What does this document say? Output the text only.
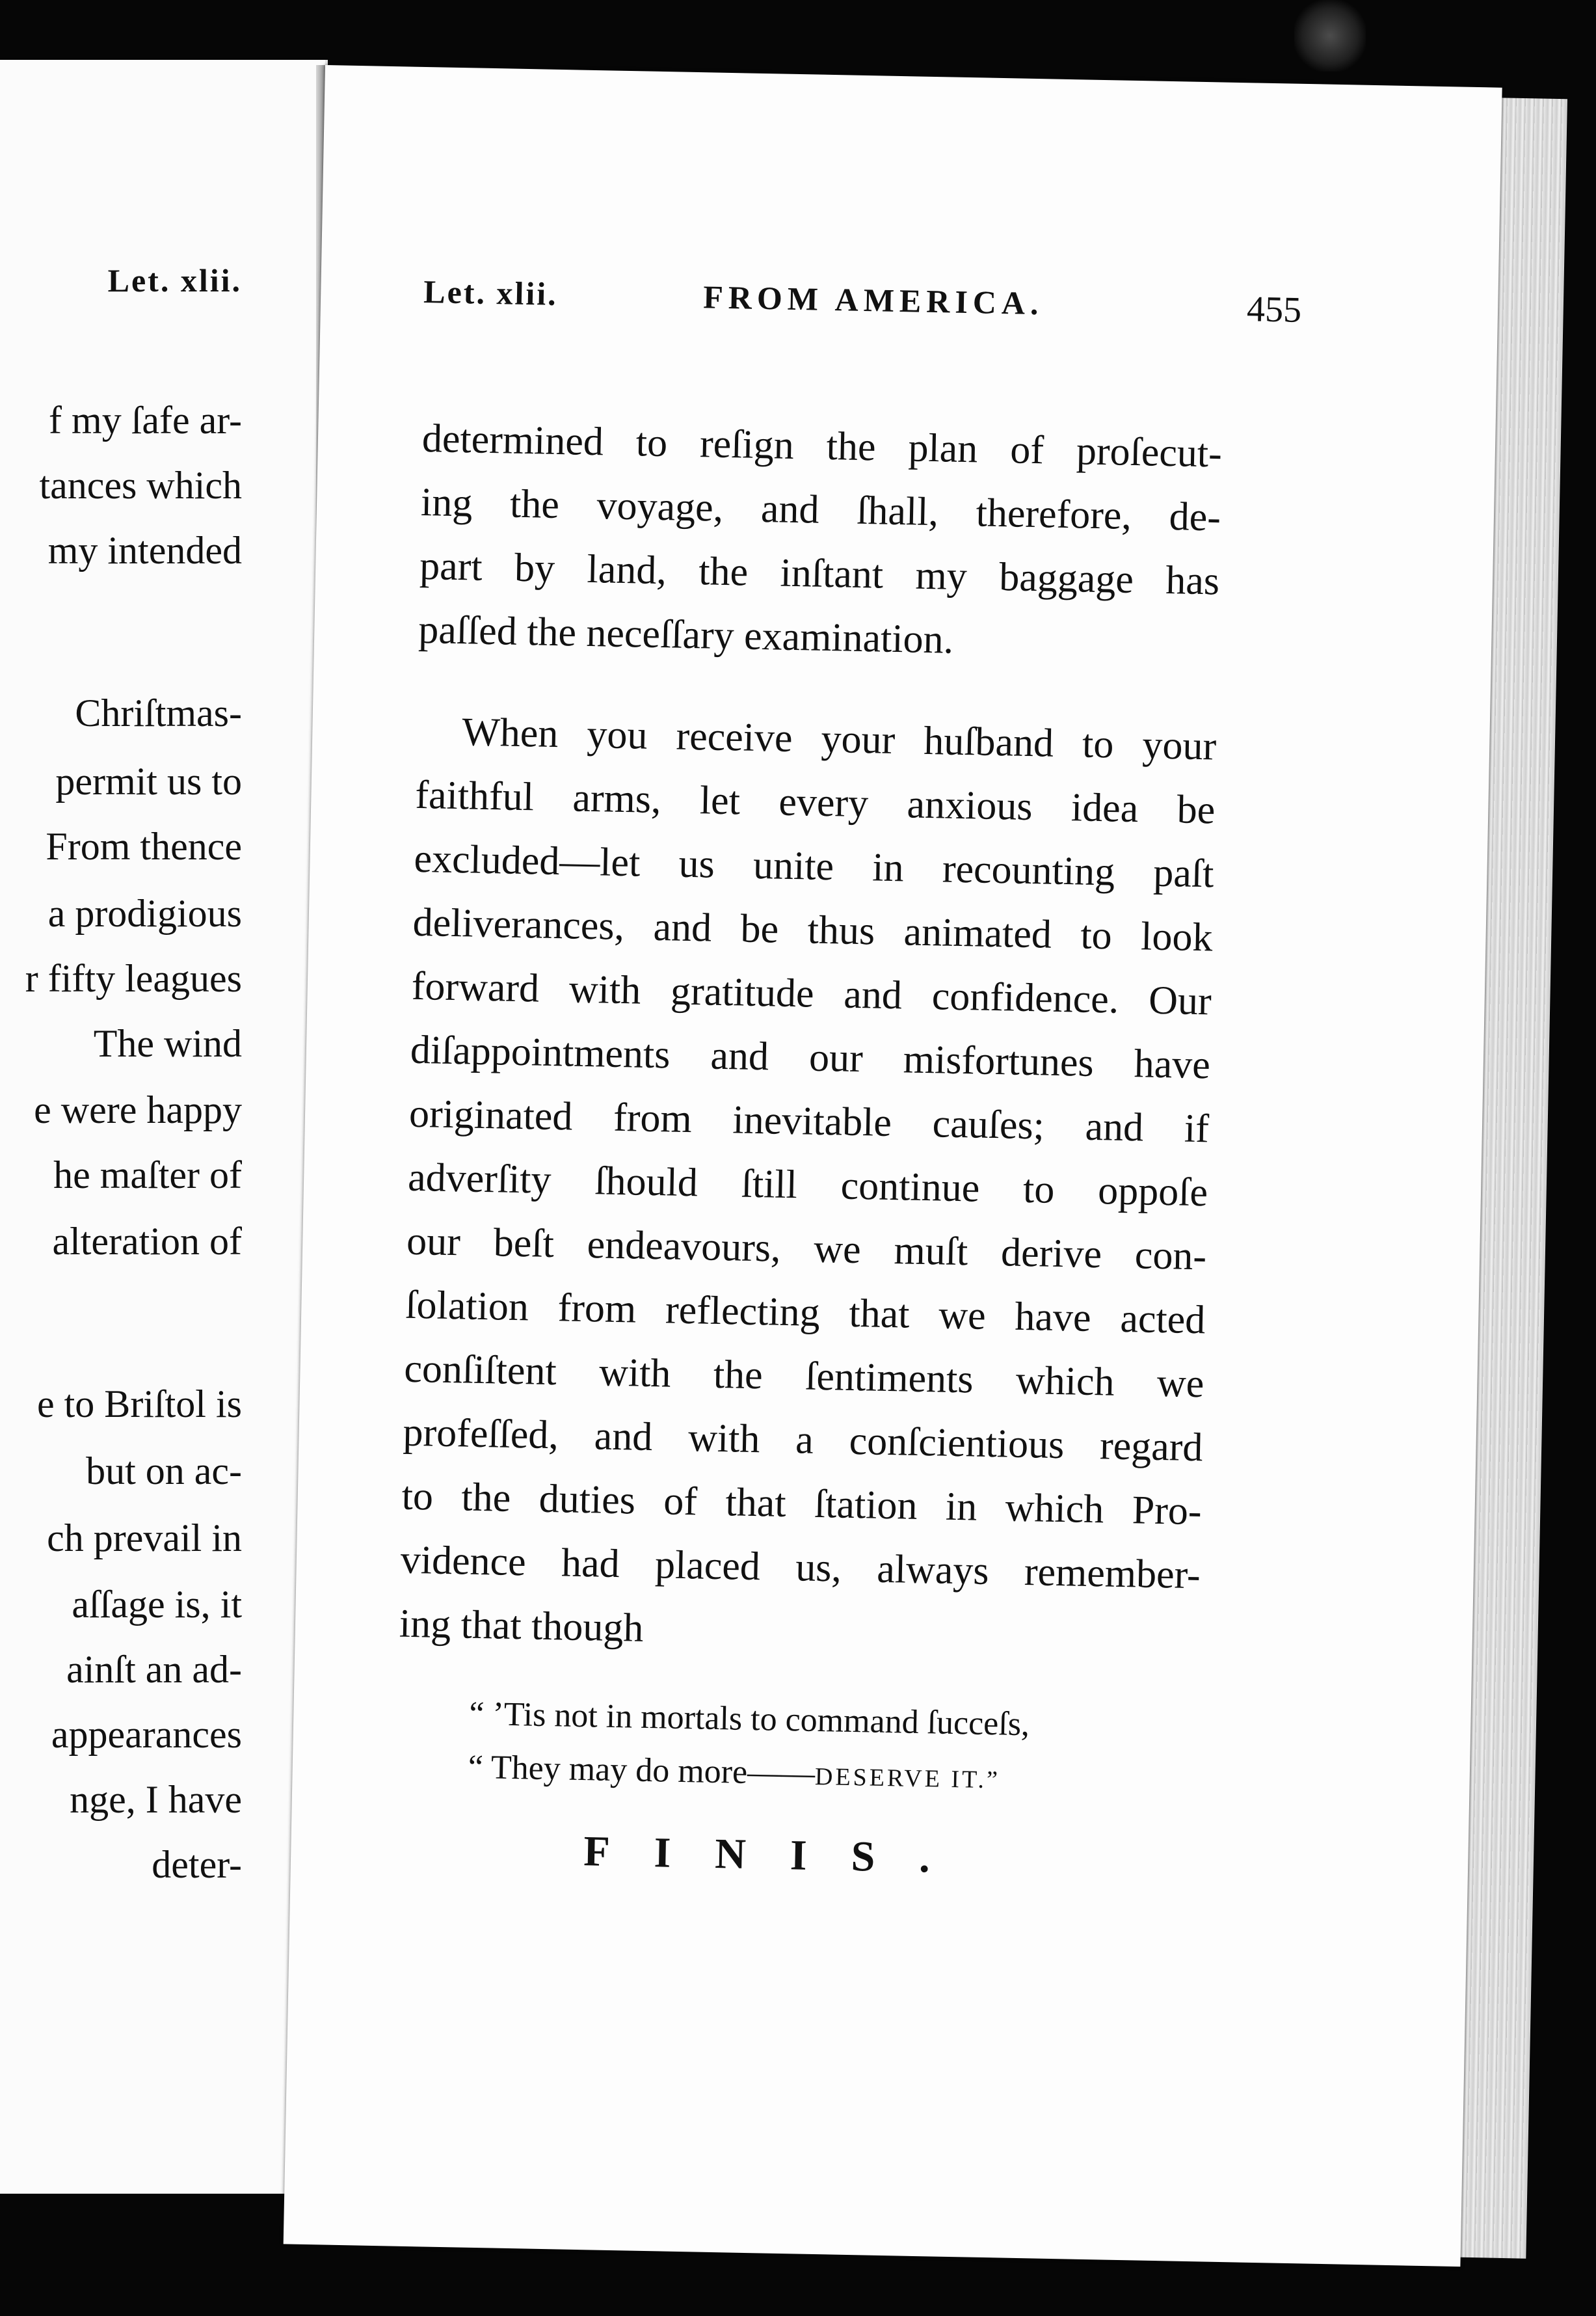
Let. xlii.
f my ſafe ar-
tances which
my intended
Chriſtmas-
permit us to
From thence
a prodigious
r fifty leagues
The wind
e were happy
he maſter of
alteration of
e to Briſtol is
but on ac-
ch prevail in
aſſage is, it
ainſt an ad-
appearances
nge, I have
deter-
Let. xlii.	FROM AMERICA.	455
determined to reſign the plan of proſecut-
ing the voyage, and ſhall, therefore, de-
part by land, the inſtant my baggage has
paſſed the neceſſary examination.
When you receive your huſband to your
faithful arms, let every anxious idea be
excluded—let us unite in recounting paſt
deliverances, and be thus animated to look
forward with gratitude and confidence. Our
diſappointments and our misfortunes have
originated from inevitable cauſes; and if
adverſity ſhould ſtill continue to oppoſe
our beſt endeavours, we muſt derive con-
ſolation from reflecting that we have acted
conſiſtent with the ſentiments which we
profeſſed, and with a conſcientious regard
to the duties of that ſtation in which Pro-
vidence had placed us, always remember-
ing that though
“ ’Tis not in mortals to command ſucceſs,
“ They may do more——DESERVE IT.”
FINIS.
